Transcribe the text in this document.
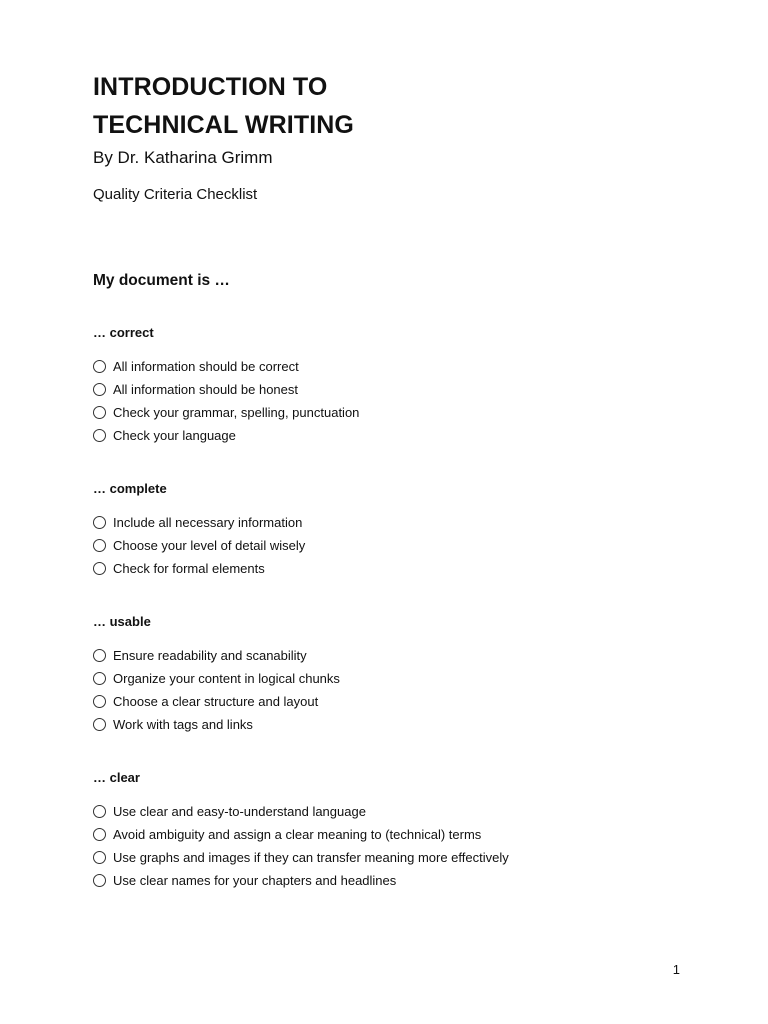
INTRODUCTION TO
TECHNICAL WRITING

By Dr. Katharina Grimm

Quality Criteria Checklist

My document is …

… correct
All information should be correct
All information should be honest
Check your grammar, spelling, punctuation
Check your language
… complete
Include all necessary information
Choose your level of detail wisely
Check for formal elements
… usable
Ensure readability and scanability
Organize your content in logical chunks
Choose a clear structure and layout
Work with tags and links
… clear
Use clear and easy-to-understand language
Avoid ambiguity and assign a clear meaning to (technical) terms
Use graphs and images if they can transfer meaning more effectively
Use clear names for your chapters and headlines
1
